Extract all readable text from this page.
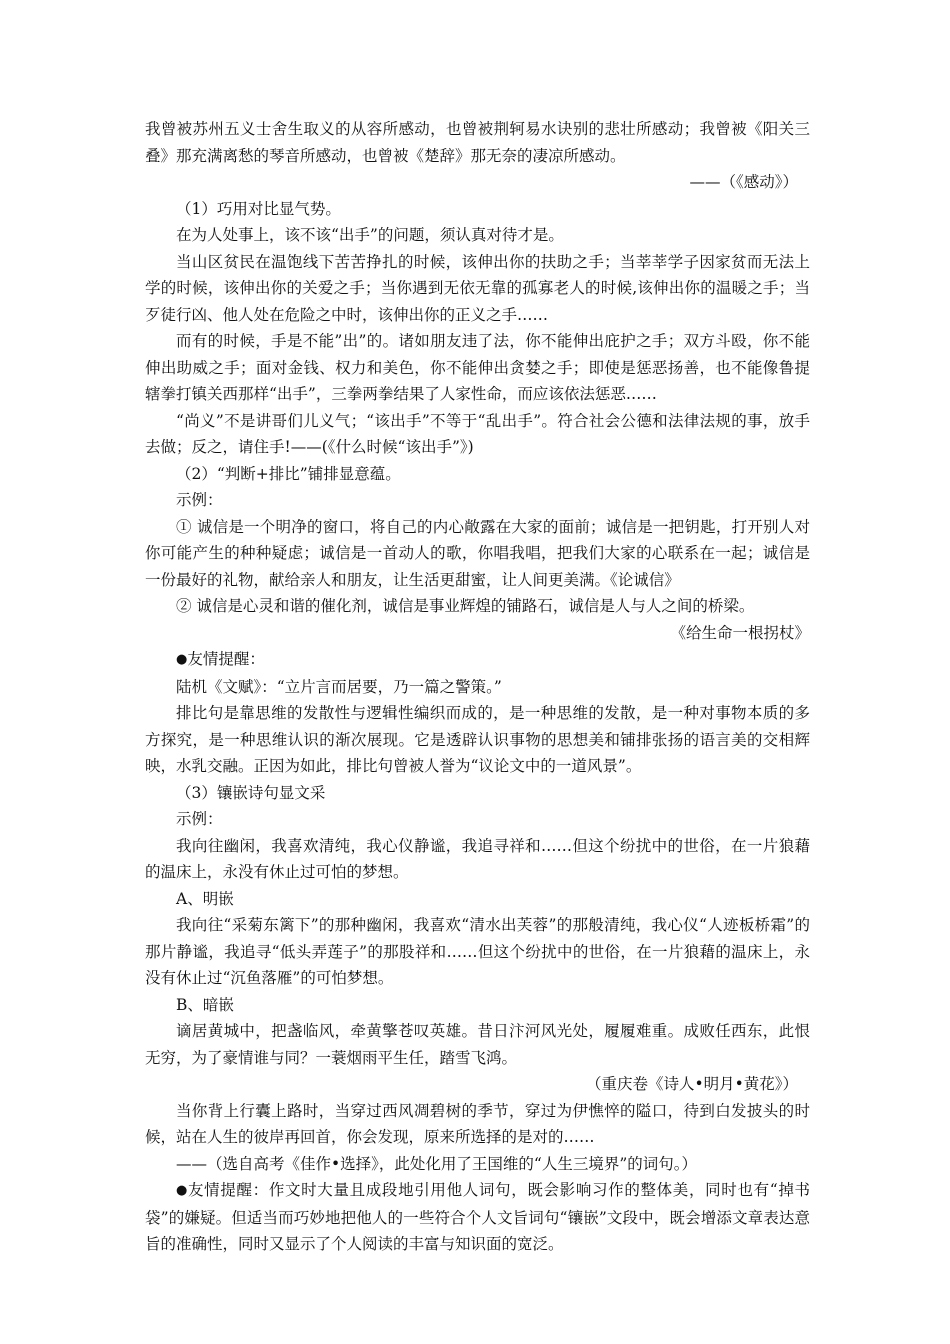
我曾被苏州五义士舍生取义的从容所感动，也曾被荆轲易水诀别的悲壮所感动；我曾被《阳关三叠》那充满离愁的琴音所感动，也曾被《楚辞》那无奈的凄凉所感动。

——（《感动》）

（1）巧用对比显气势。

在为人处事上，该不该“出手”的问题，须认真对待才是。

当山区贫民在温饱线下苦苦挣扎的时候，该伸出你的扶助之手；当莘莘学子因家贫而无法上学的时候，该伸出你的关爱之手；当你遇到无依无靠的孤寡老人的时候,该伸出你的温暖之手；当歹徒行凶、他人处在危险之中时，该伸出你的正义之手……

而有的时候，手是不能”出”的。诸如朋友违了法，你不能伸出庇护之手；双方斗殴，你不能伸出助威之手；面对金钱、权力和美色，你不能伸出贪婪之手；即使是惩恶扬善，也不能像鲁提辖拳打镇关西那样“出手”，三拳两拳结果了人家性命，而应该依法惩恶……

“尚义”不是讲哥们儿义气；“该出手”不等于“乱出手”。符合社会公德和法律法规的事，放手去做；反之，请住手!——(《什么时候“该出手”》)

（2）“判断+排比”铺排显意蕴。

示例：

① 诚信是一个明净的窗口，将自己的内心敞露在大家的面前；诚信是一把钥匙，打开别人对你可能产生的种种疑虑；诚信是一首动人的歌，你唱我唱，把我们大家的心联系在一起；诚信是一份最好的礼物，献给亲人和朋友，让生活更甜蜜，让人间更美满。《论诚信》

② 诚信是心灵和谐的催化剂，诚信是事业辉煌的铺路石，诚信是人与人之间的桥梁。

《给生命一根拐杖》

●友情提醒：

陆机《文赋》：“立片言而居要，乃一篇之警策。”

排比句是靠思维的发散性与逻辑性编织而成的，是一种思维的发散，是一种对事物本质的多方探究，是一种思维认识的渐次展现。它是透辟认识事物的思想美和铺排张扬的语言美的交相辉映，水乳交融。正因为如此，排比句曾被人誉为“议论文中的一道风景”。

（3）镶嵌诗句显文采

示例：

我向往幽闲，我喜欢清纯，我心仪静谧，我追寻祥和……但这个纷扰中的世俗，在一片狼藉的温床上，永没有休止过可怕的梦想。

A、明嵌

我向往“采菊东篱下”的那种幽闲，我喜欢“清水出芙蓉”的那般清纯，我心仪“人迹板桥霜”的那片静谧，我追寻“低头弄莲子”的那股祥和……但这个纷扰中的世俗，在一片狼藉的温床上，永没有休止过“沉鱼落雁”的可怕梦想。

B、暗嵌

谪居黄城中，把盏临风，牵黄擎苍叹英雄。昔日汴河风光处，履履难重。成败任西东，此恨无穷，为了豪情谁与同？一蓑烟雨平生任，踏雪飞鸿。

（重庆卷《诗人•明月•黄花》）

当你背上行囊上路时，当穿过西风凋碧树的季节，穿过为伊憔悴的隘口，待到白发披头的时候，站在人生的彼岸再回首，你会发现，原来所选择的是对的……

——（选自高考《佳作•选择》，此处化用了王国维的“人生三境界”的词句。）

●友情提醒：作文时大量且成段地引用他人词句，既会影响习作的整体美，同时也有“掉书袋”的嫌疑。但适当而巧妙地把他人的一些符合个人文旨词句“镶嵌”文段中，既会增添文章表达意旨的准确性，同时又显示了个人阅读的丰富与知识面的宽泛。
